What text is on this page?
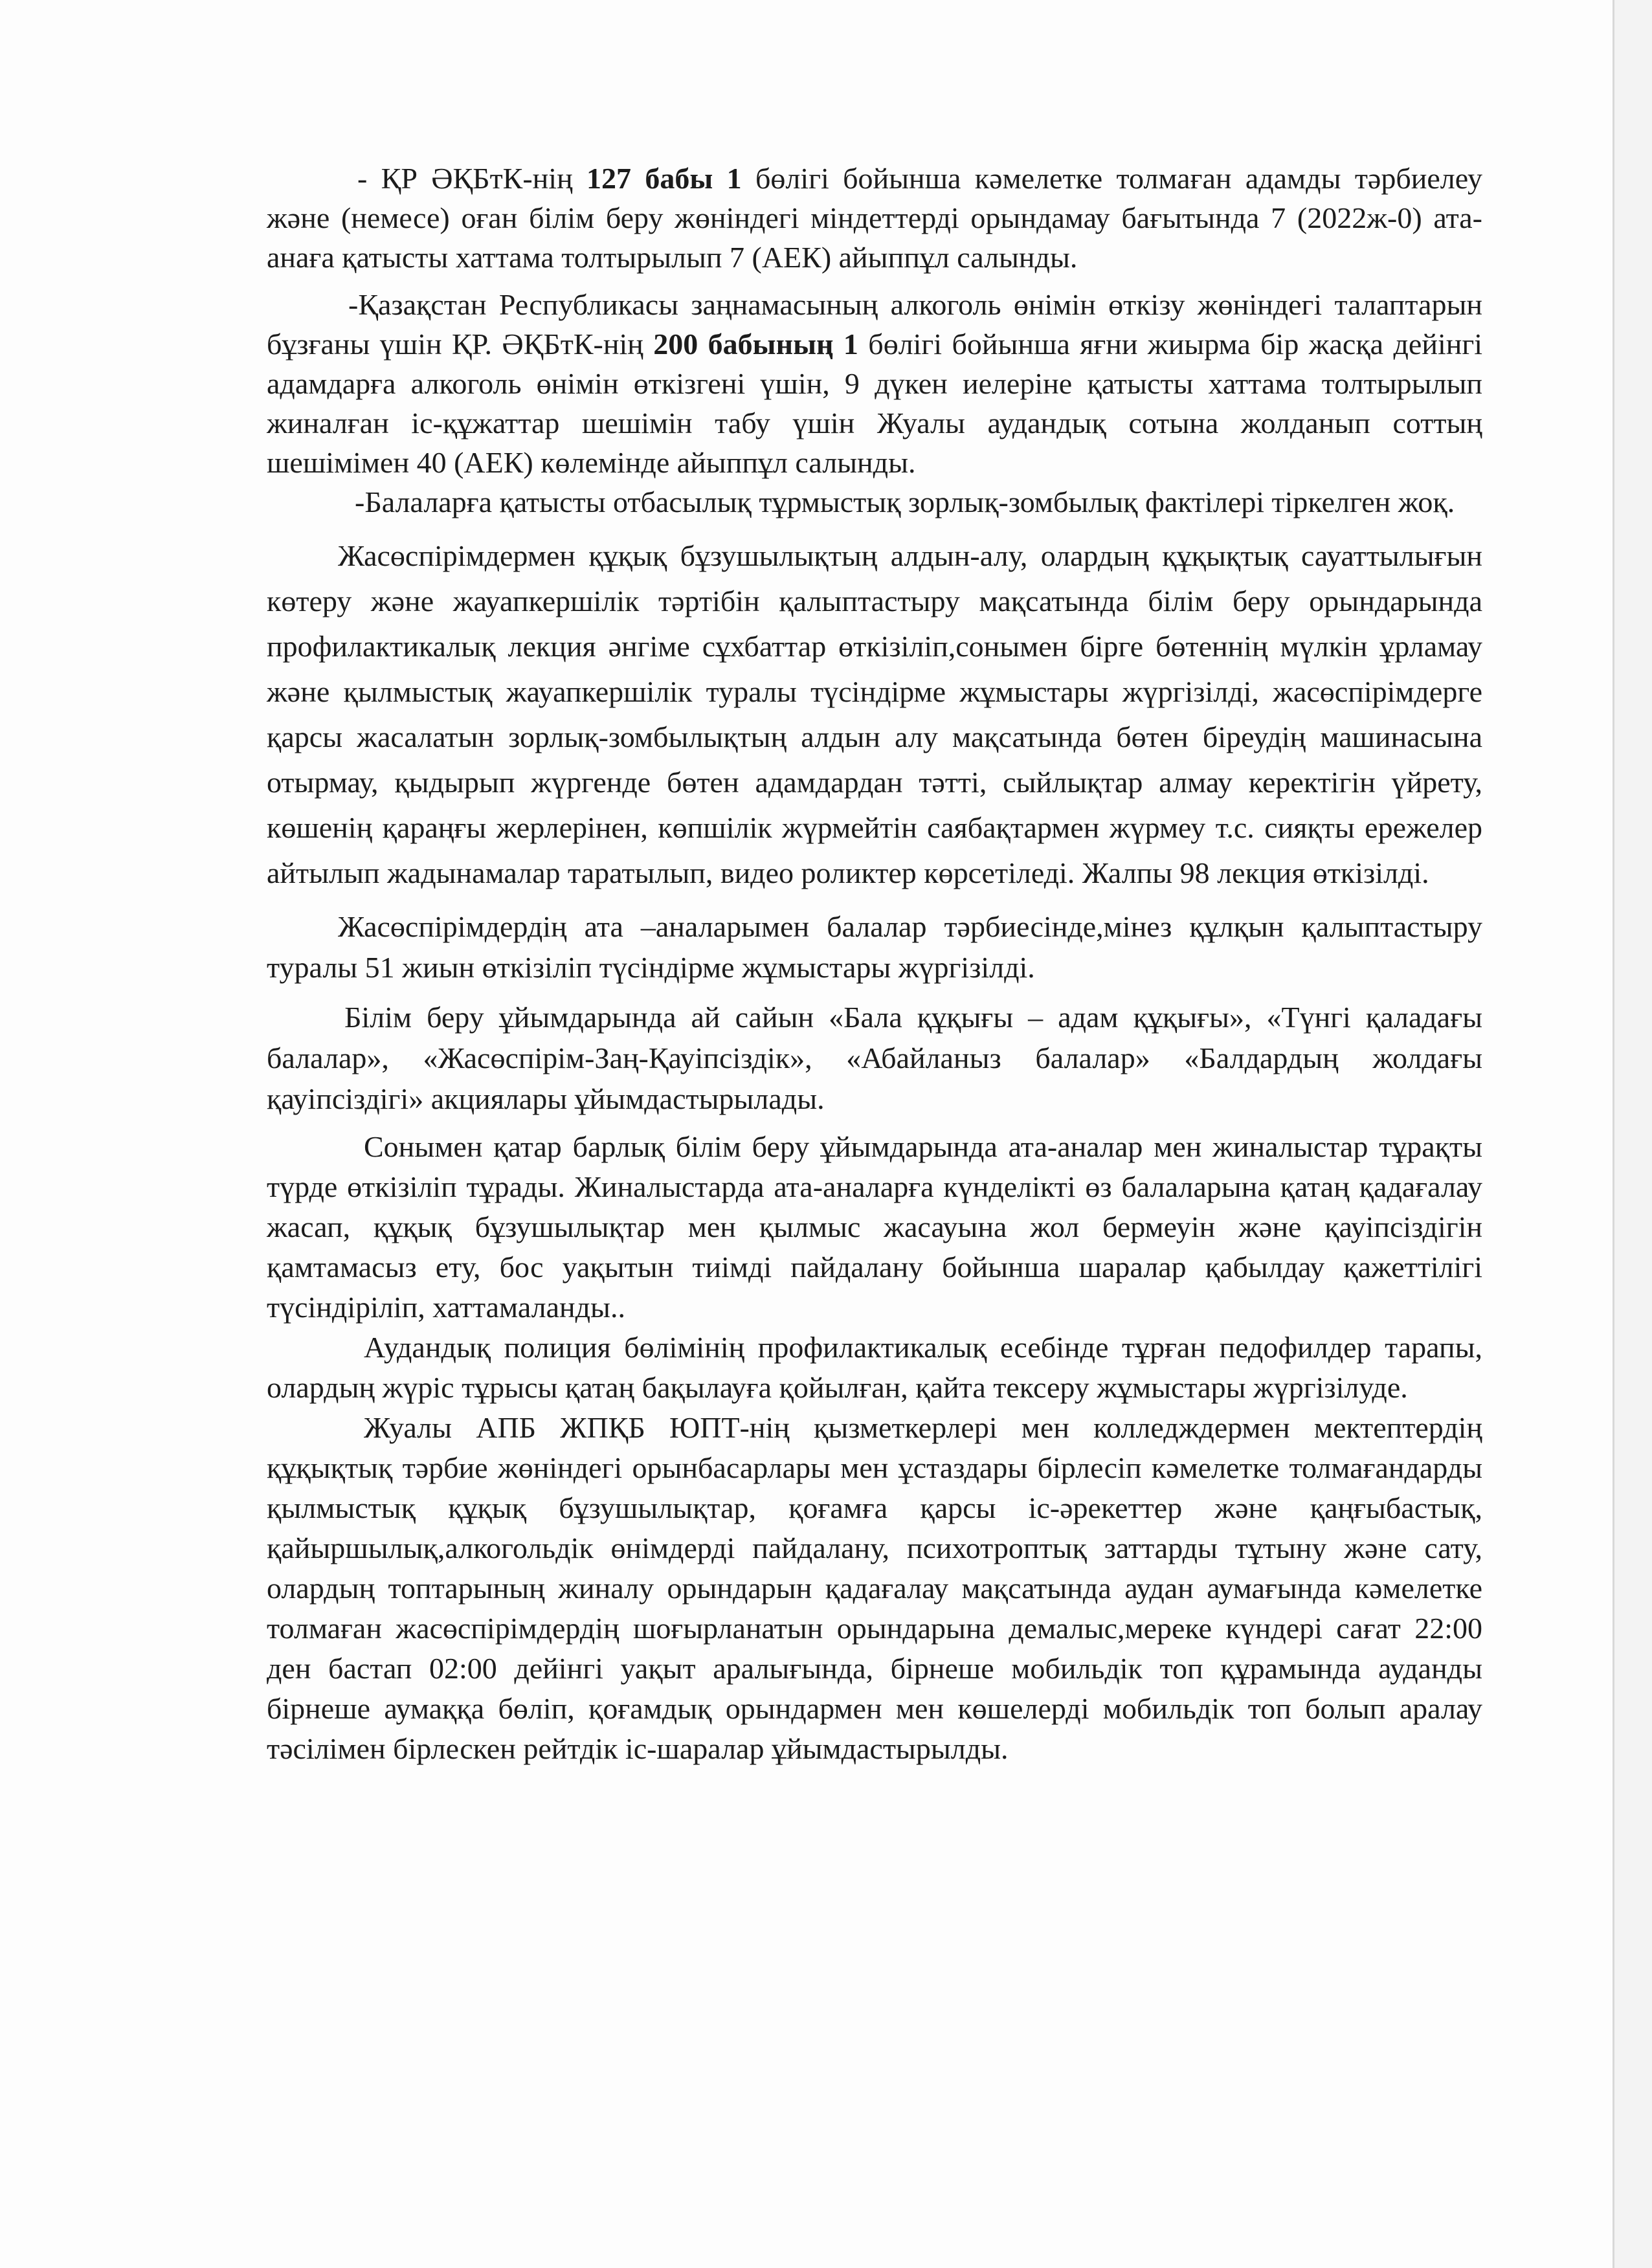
- ҚР ӘҚБтК-нің 127 бабы 1 бөлігі бойынша кәмелетке толмаған адамды тәрбиелеу және (немесе) оған білім беру жөніндегі міндеттерді орындамау бағытында 7 (2022ж-0) ата-анаға қатысты хаттама толтырылып 7 (АЕК) айыппұл салынды.

-Қазақстан Республикасы заңнамасының алкоголь өнімін өткізу жөніндегі талаптарын бұзғаны үшін ҚР. ӘҚБтК-нің 200 бабының 1 бөлігі бойынша яғни жиырма бір жасқа дейінгі адамдарға алкоголь өнімін өткізгені үшін, 9 дүкен иелеріне қатысты хаттама толтырылып жиналған іс-құжаттар шешімін табу үшін Жуалы аудандық сотына жолданып соттың шешімімен 40 (АЕК) көлемінде айыппұл салынды.

-Балаларға қатысты отбасылық тұрмыстық зорлық-зомбылық фактілері тіркелген жоқ.

Жасөспірімдермен құқық бұзушылықтың алдын-алу, олардың құқықтық сауаттылығын көтеру және жауапкершілік тәртібін қалыптастыру мақсатында білім беру орындарында профилактикалық лекция әнгіме сұхбаттар өткізіліп,сонымен бірге бөтеннің мүлкін ұрламау және қылмыстық жауапкершілік туралы түсіндірме жұмыстары жүргізілді, жасөспірімдерге қарсы жасалатын зорлық-зомбылықтың алдын алу мақсатында бөтен біреудің машинасына отырмау, қыдырып жүргенде бөтен адамдардан тәтті, сыйлықтар алмау керектігін үйрету, көшенің қараңғы жерлерінен, көпшілік жүрмейтін саябақтармен жүрмеу т.с. сияқты ережелер айтылып жадынамалар таратылып, видео роликтер көрсетіледі. Жалпы 98 лекция өткізілді.

Жасөспірімдердің ата –аналарымен балалар тәрбиесінде,мінез құлқын қалыптастыру туралы 51 жиын өткізіліп түсіндірме жұмыстары жүргізілді.

Білім беру ұйымдарында ай сайын «Бала құқығы – адам құқығы», «Түнгі қаладағы балалар», «Жасөспірім-Заң-Қауіпсіздік», «Абайланыз балалар» «Балдардың жолдағы қауіпсіздігі» акциялары ұйымдастырылады.

Сонымен қатар барлық білім беру ұйымдарында ата-аналар мен жиналыстар тұрақты түрде өткізіліп тұрады. Жиналыстарда ата-аналарға күнделікті өз балаларына қатаң қадағалау жасап, құқық бұзушылықтар мен қылмыс жасауына жол бермеуін және қауіпсіздігін қамтамасыз ету, бос уақытын тиімді пайдалану бойынша шаралар қабылдау қажеттілігі түсіндіріліп, хаттамаланды..

Аудандық полиция бөлімінің профилактикалық есебінде тұрған педофилдер тарапы, олардың жүріс тұрысы қатаң бақылауға қойылған, қайта тексеру жұмыстары жүргізілуде.

Жуалы АПБ ЖПҚБ ЮПТ-нің қызметкерлері мен колледждермен мектептердің құқықтық тәрбие жөніндегі орынбасарлары мен ұстаздары бірлесіп кәмелетке толмағандарды қылмыстық құқық бұзушылықтар, қоғамға қарсы іс-әрекеттер және қаңғыбастық, қайыршылық,алкогольдік өнімдерді пайдалану, психотроптық заттарды тұтыну және сату, олардың топтарының жиналу орындарын қадағалау мақсатында аудан аумағында кәмелетке толмаған жасөспірімдердің шоғырланатын орындарына демалыс,мереке күндері сағат 22:00 ден бастап 02:00 дейінгі уақыт аралығында, бірнеше мобильдік топ құрамында ауданды бірнеше аумаққа бөліп, қоғамдық орындармен мен көшелерді мобильдік топ болып аралау тәсілімен бірлескен рейтдік іс-шаралар ұйымдастырылды.
